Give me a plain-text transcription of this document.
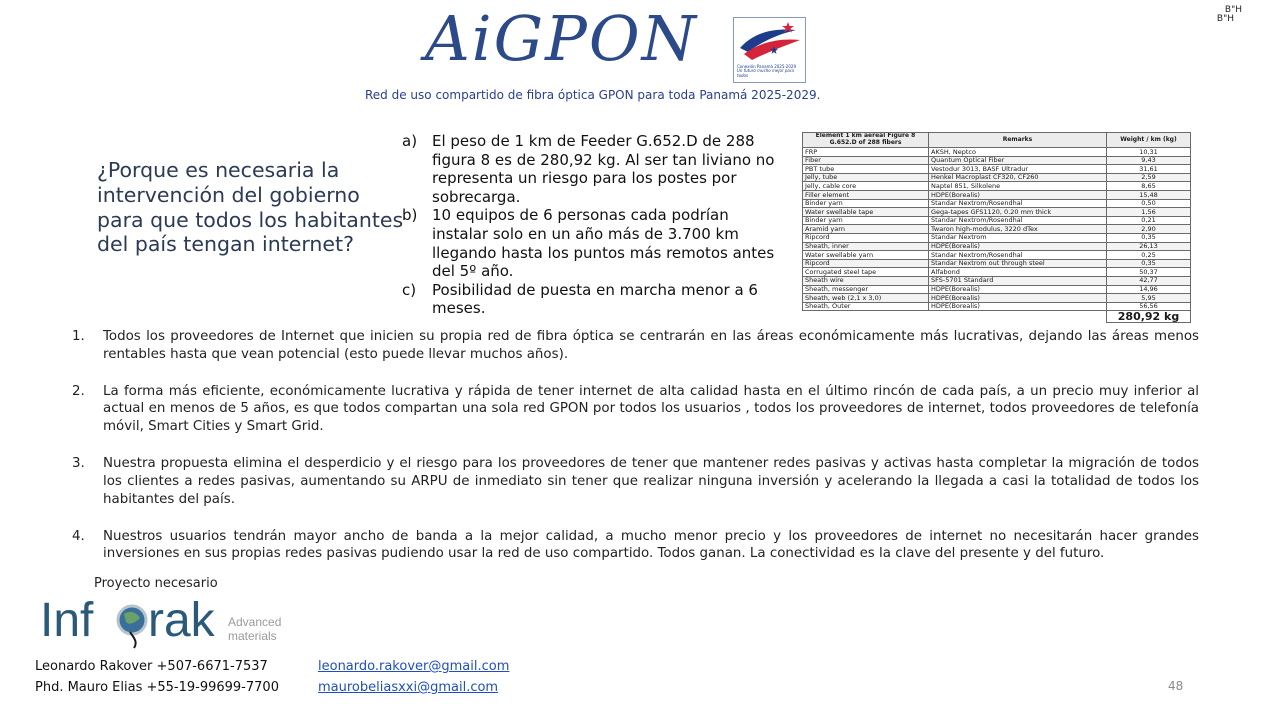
AiGPON	Conexión Panamá 2025-2029
Un futuro mucho mejor para todos
B"H
B"H
Red de uso compartido de fibra óptica GPON para toda Panamá 2025-2029.
¿Porque es necesaria la intervención del gobierno para que todos los habitantes del país tengan internet?
a) El peso de 1 km de Feeder G.652.D de 288 figura 8 es de 280,92 kg. Al ser tan liviano no representa un riesgo para los postes por sobrecarga.
b) 10 equipos de 6 personas cada podrían instalar solo en un año más de 3.700 km llegando hasta los puntos más remotos antes del 5º año.
c)	Posibilidad de puesta en marcha menor a 6 meses.
Element 1 km aereal Figure 8 G.652.D of 288 fibers	Remarks	Weight / km (kg)
FRP	AKSH, Neptco	10,31
Fiber	Quantum Optical Fiber	9,43
PBT tube	Vestodur 3013, BASF Ultradur	31,61
Jelly, tube	Henkel Macroplast CF320, CF260	2,59
Jelly, cable core	Naptel 851, Silkolene	8,65
Filler element	HDPE(Borealis)	15,48
Binder yarn	Standar Nextrom/Rosendhal	0,50
Water swellable tape	Gega-tapes GFS1120, 0.20 mm thick	1,56
Binder yarn	Standar Nextrom/Rosendhal	0,21
Aramid yarn	Twaron high-modulus, 3220 dTex	2,90
Ripcord	Standar Nextrom	0,35
Sheath, inner	HDPE(Borealis)	26,13
Water swellable yarn	Standar Nextrom/Rosendhal	0,25
Ripcord	Standar Nextrom out through steel	0,35
Corrugated steel tape	Alfabond	50,37
Sheath wire	SFS-5701 Standard	42,77
Sheath, messenger	HDPE(Borealis)	14,96
Sheath, web (2,1 x 3,0)	HDPE(Borealis)	5,95
Sheath, Outer	HDPE(Borealis)	56,56
		280,92 kg
1.	Todos los proveedores de Internet que inicien su propia red de fibra óptica se centrarán en las áreas económicamente más lucrativas, dejando las áreas menos rentables hasta que vean potencial (esto puede llevar muchos años).
2.	La forma más eficiente, económicamente lucrativa y rápida de tener internet de alta calidad hasta en el último rincón de cada país, a un precio muy inferior al actual en menos de 5 años, es que todos compartan una sola red GPON por todos los usuarios , todos los proveedores de internet, todos proveedores de telefonía móvil, Smart Cities y Smart Grid.
3.	Nuestra propuesta elimina el desperdicio y el riesgo para los proveedores de tener que mantener redes pasivas y activas hasta completar la migración de todos los clientes a redes pasivas, aumentando su ARPU de inmediato sin tener que realizar ninguna inversión y acelerando la llegada a casi la totalidad de todos los habitantes del país.
4.	Nuestros usuarios tendrán mayor ancho de banda a la mejor calidad, a mucho menor precio y los proveedores de internet no necesitarán hacer grandes inversiones en sus propias redes pasivas pudiendo usar la red de uso compartido. Todos ganan. La conectividad es la clave del presente y del futuro.
Proyecto necesario
Inf rak Advanced
materials
Leonardo Rakover +507-6671-7537	leonardo.rakover@gmail.com
Phd. Mauro Elias +55-19-99699-7700	maurobeliasxxi@gmail.com	48
